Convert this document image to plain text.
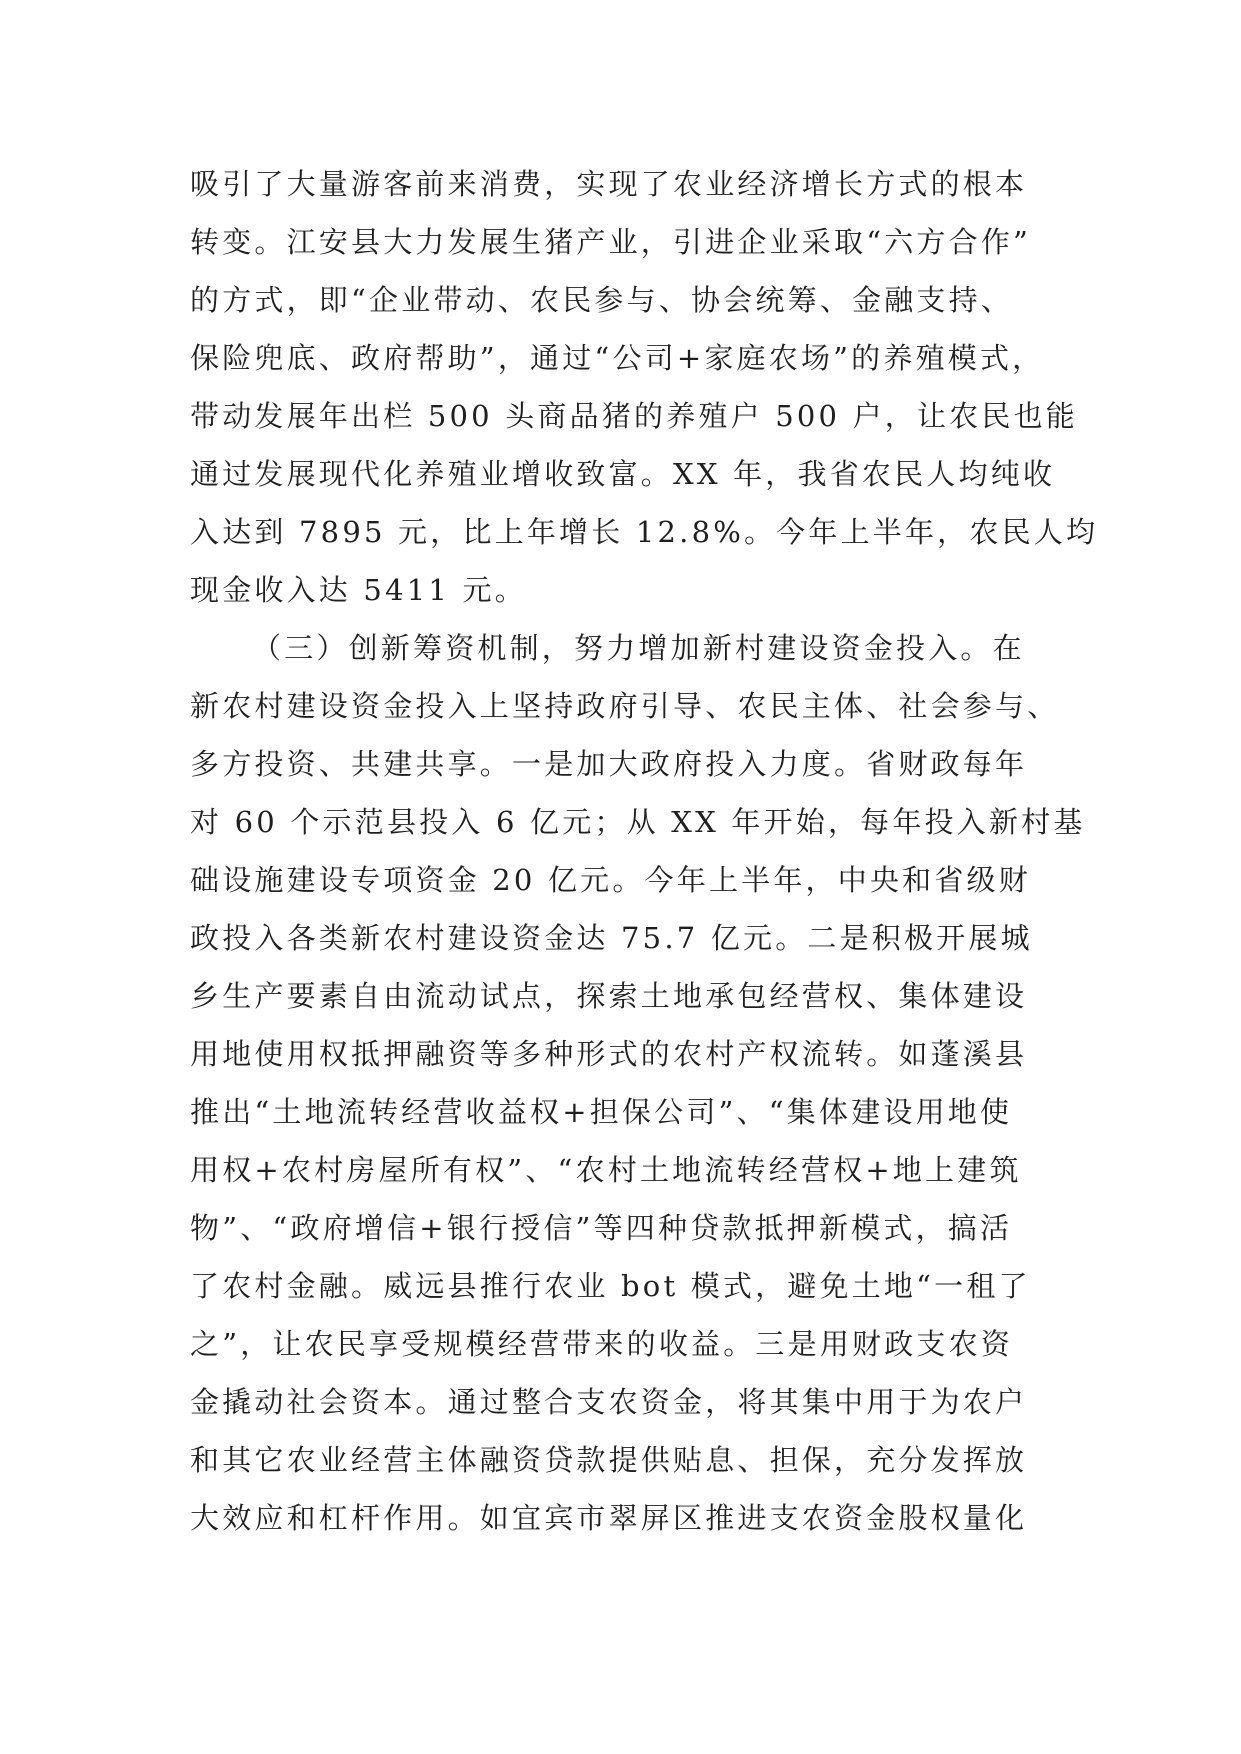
吸引了大量游客前来消费，实现了农业经济增长方式的根本
转变。江安县大力发展生猪产业，引进企业采取“六方合作”
的方式，即“企业带动、农民参与、协会统筹、金融支持、
保险兜底、政府帮助”，通过“公司+家庭农场”的养殖模式，
带动发展年出栏 500 头商品猪的养殖户 500 户，让农民也能
通过发展现代化养殖业增收致富。XX 年，我省农民人均纯收
入达到 7895 元，比上年增长 12.8%。今年上半年，农民人均
现金收入达 5411 元。
（三）创新筹资机制，努力增加新村建设资金投入。在
新农村建设资金投入上坚持政府引导、农民主体、社会参与、
多方投资、共建共享。一是加大政府投入力度。省财政每年
对 60 个示范县投入 6 亿元；从 XX 年开始，每年投入新村基
础设施建设专项资金 20 亿元。今年上半年，中央和省级财
政投入各类新农村建设资金达 75.7 亿元。二是积极开展城
乡生产要素自由流动试点，探索土地承包经营权、集体建设
用地使用权抵押融资等多种形式的农村产权流转。如蓬溪县
推出“土地流转经营收益权+担保公司”、“集体建设用地使
用权+农村房屋所有权”、“农村土地流转经营权+地上建筑
物”、“政府增信+银行授信”等四种贷款抵押新模式，搞活
了农村金融。威远县推行农业 bot 模式，避免土地“一租了
之”，让农民享受规模经营带来的收益。三是用财政支农资
金撬动社会资本。通过整合支农资金，将其集中用于为农户
和其它农业经营主体融资贷款提供贴息、担保，充分发挥放
大效应和杠杆作用。如宜宾市翠屏区推进支农资金股权量化
